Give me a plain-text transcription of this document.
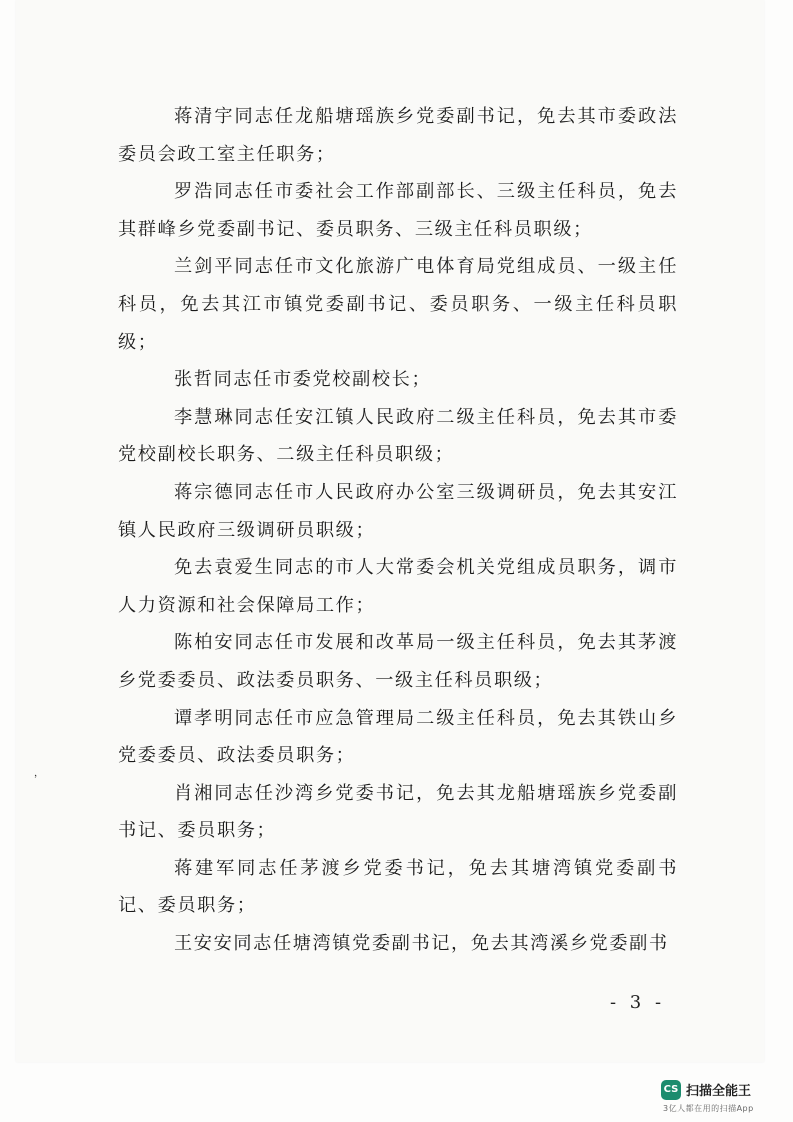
蒋清宇同志任龙船塘瑶族乡党委副书记，免去其市委政法委员会政工室主任职务；

罗浩同志任市委社会工作部副部长、三级主任科员，免去其群峰乡党委副书记、委员职务、三级主任科员职级；

兰剑平同志任市文化旅游广电体育局党组成员、一级主任科员，免去其江市镇党委副书记、委员职务、一级主任科员职级；

张哲同志任市委党校副校长；

李慧琳同志任安江镇人民政府二级主任科员，免去其市委党校副校长职务、二级主任科员职级；

蒋宗德同志任市人民政府办公室三级调研员，免去其安江镇人民政府三级调研员职级；

免去袁爱生同志的市人大常委会机关党组成员职务，调市人力资源和社会保障局工作；

陈柏安同志任市发展和改革局一级主任科员，免去其茅渡乡党委委员、政法委员职务、一级主任科员职级；

谭孝明同志任市应急管理局二级主任科员，免去其铁山乡党委委员、政法委员职务；

肖湘同志任沙湾乡党委书记，免去其龙船塘瑶族乡党委副书记、委员职务；

蒋建军同志任茅渡乡党委书记，免去其塘湾镇党委副书记、委员职务；

王安安同志任塘湾镇党委副书记，免去其湾溪乡党委副书

，
- 3 -
CS 扫描全能王
3亿人都在用的扫描App
